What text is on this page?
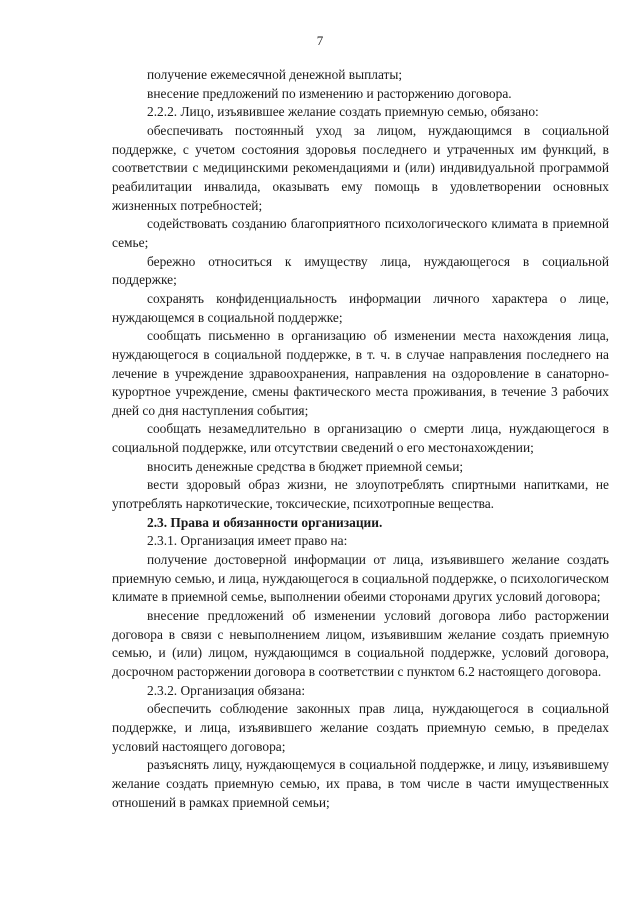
7

получение ежемесячной денежной выплаты;

внесение предложений по изменению и расторжению договора.

2.2.2. Лицо, изъявившее желание создать приемную семью, обязано:

обеспечивать постоянный уход за лицом, нуждающимся в социальной поддержке, с учетом состояния здоровья последнего и утраченных им функций, в соответствии с медицинскими рекомендациями и (или) индивидуальной программой реабилитации инвалида, оказывать ему помощь в удовлетворении основных жизненных потребностей;

содействовать созданию благоприятного психологического климата в приемной семье;

бережно относиться к имуществу лица, нуждающегося в социальной поддержке;

сохранять конфиденциальность информации личного характера о лице, нуждающемся в социальной поддержке;

сообщать письменно в организацию об изменении места нахождения лица, нуждающегося в социальной поддержке, в т. ч. в случае направления последнего на лечение в учреждение здравоохранения, направления на оздоровление в санаторно-курортное учреждение, смены фактического места проживания, в течение 3 рабочих дней со дня наступления события;

сообщать незамедлительно в организацию о смерти лица, нуждающегося в социальной поддержке, или отсутствии сведений о его местонахождении;

вносить денежные средства в бюджет приемной семьи;

вести здоровый образ жизни, не злоупотреблять спиртными напитками, не употреблять наркотические, токсические, психотропные вещества.

2.3. Права и обязанности организации.

2.3.1. Организация имеет право на:

получение достоверной информации от лица, изъявившего желание создать приемную семью, и лица, нуждающегося в социальной поддержке, о психологическом климате в приемной семье, выполнении обеими сторонами других условий договора;

внесение предложений об изменении условий договора либо расторжении договора в связи с невыполнением лицом, изъявившим желание создать приемную семью, и (или) лицом, нуждающимся в социальной поддержке, условий договора, досрочном расторжении договора в соответствии с пунктом 6.2 настоящего договора.

2.3.2. Организация обязана:

обеспечить соблюдение законных прав лица, нуждающегося в социальной поддержке, и лица, изъявившего желание создать приемную семью, в пределах условий настоящего договора;

разъяснять лицу, нуждающемуся в социальной поддержке, и лицу, изъявившему желание создать приемную семью, их права, в том числе в части имущественных отношений в рамках приемной семьи;
